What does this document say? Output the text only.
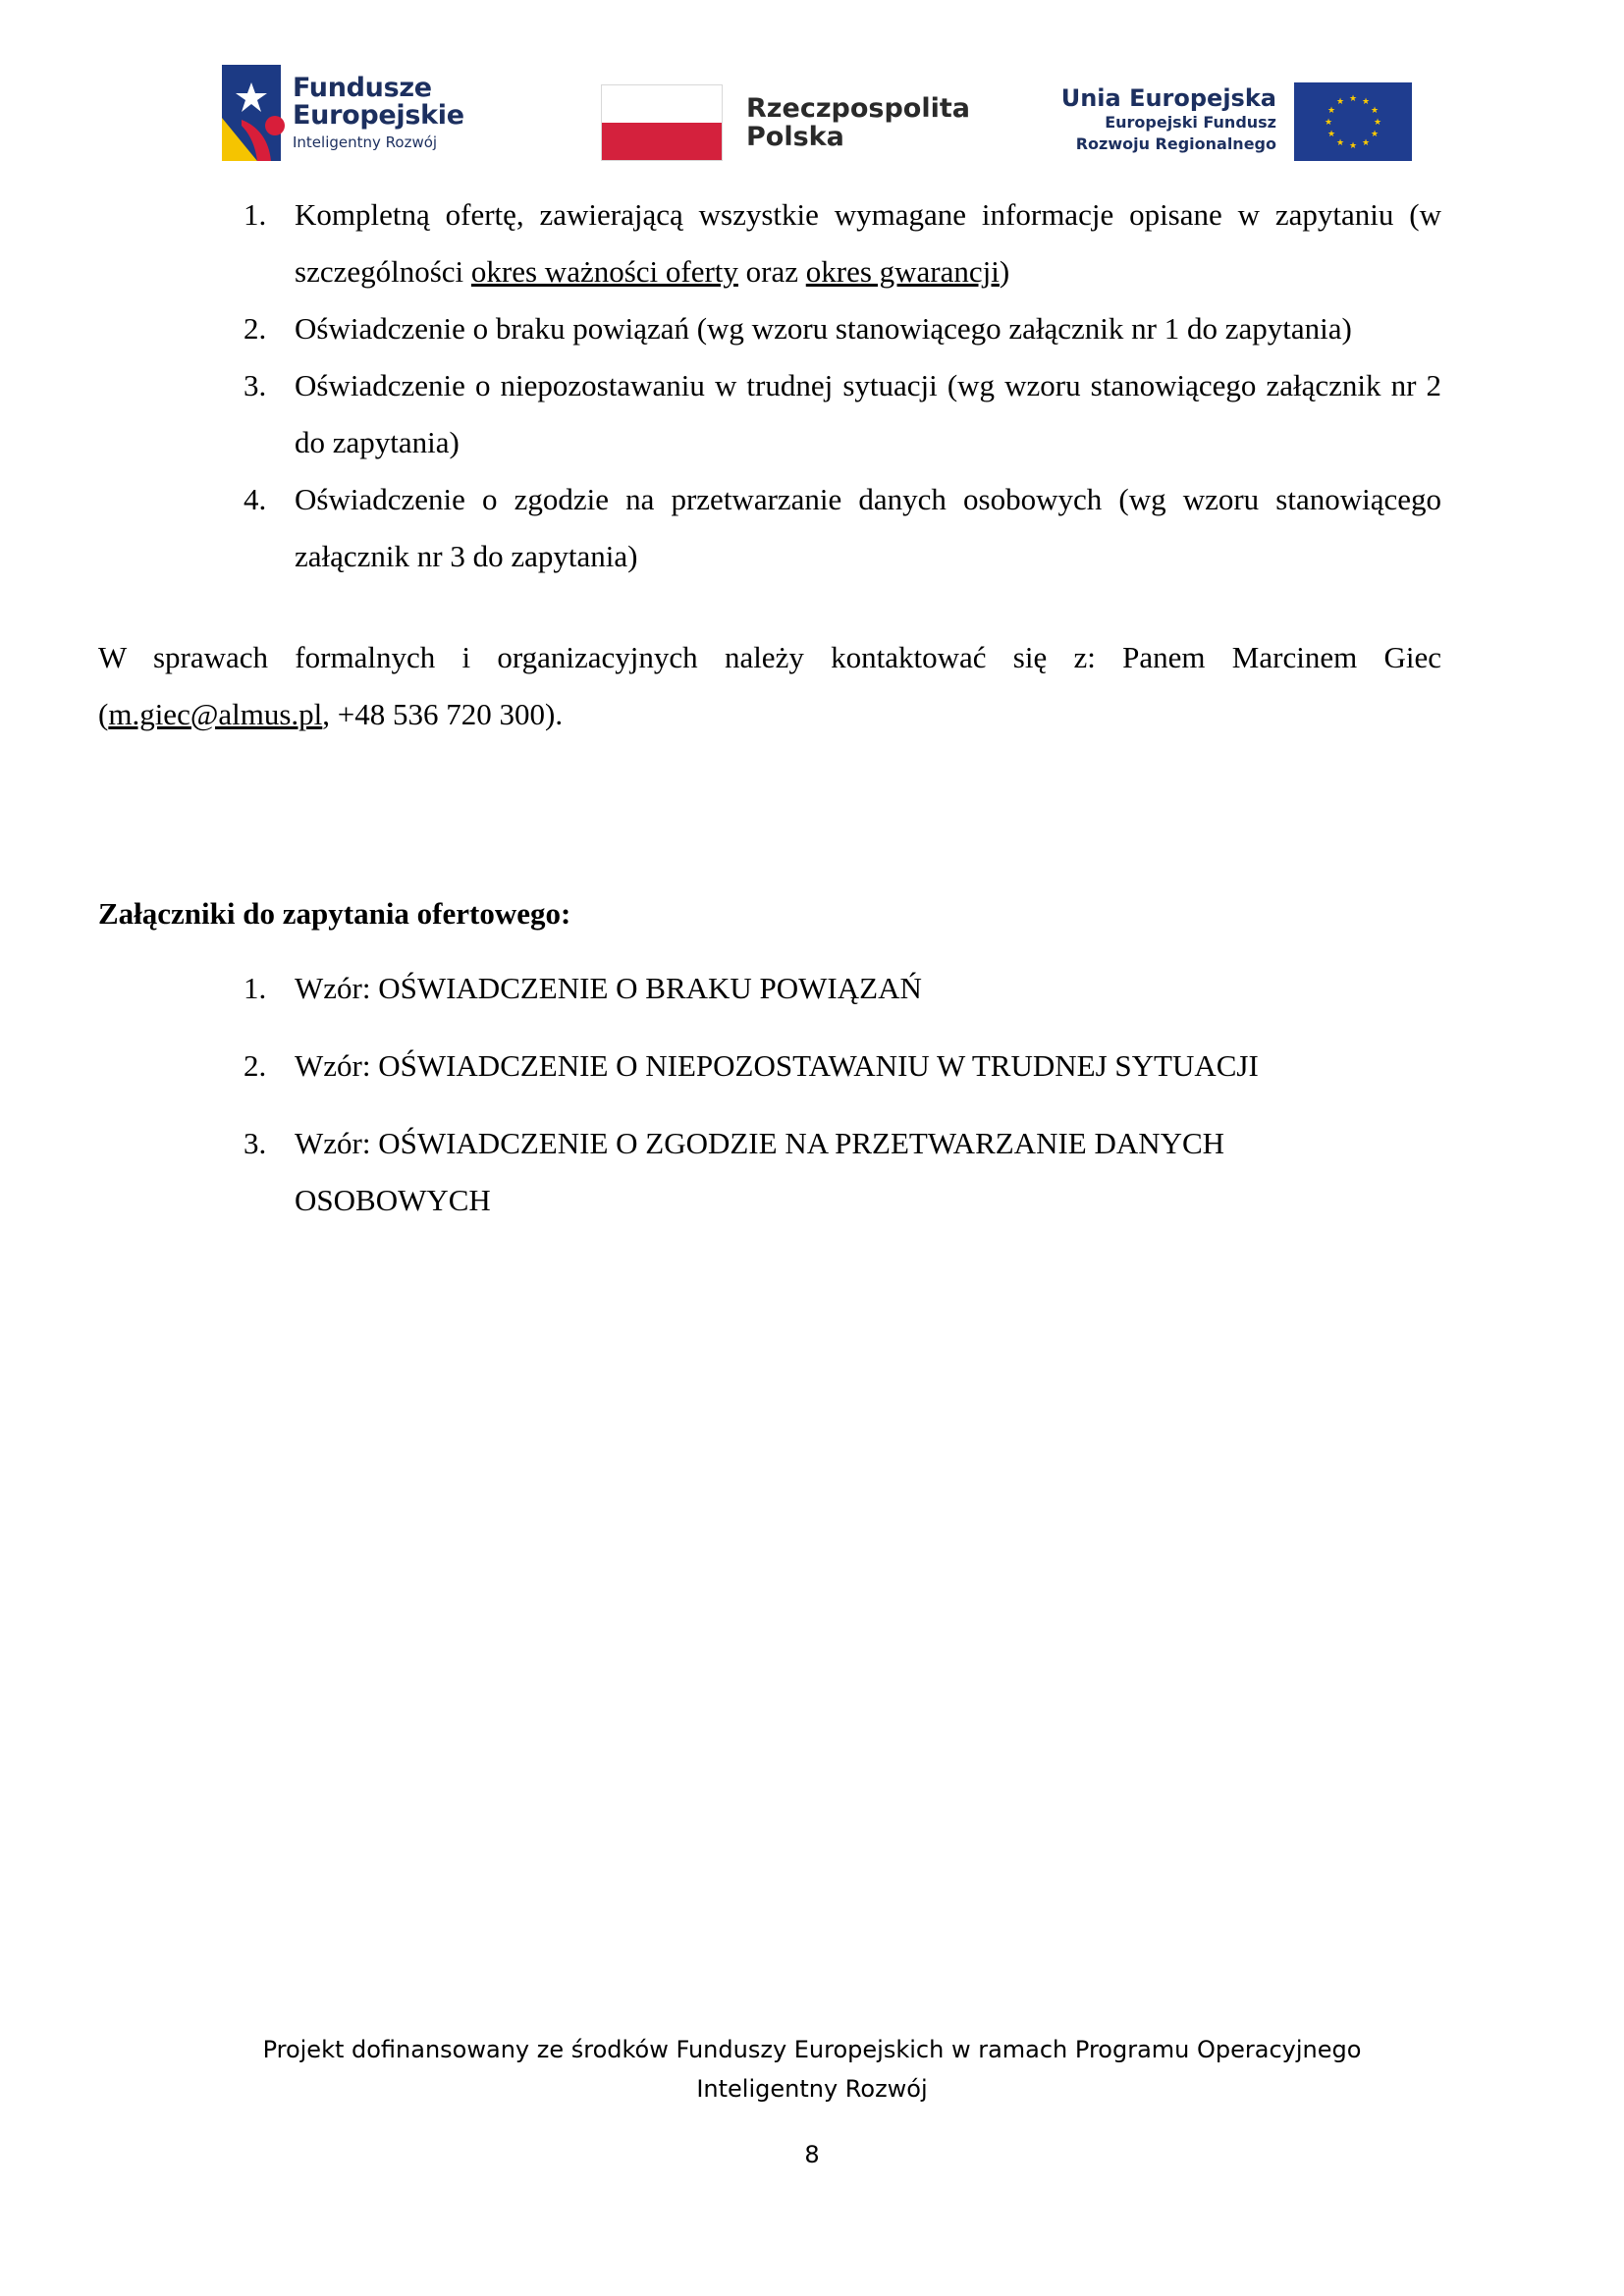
Fundusze
Europejskie
Inteligentny Rozwój
Rzeczpospolita
Polska
Unia Europejska
Europejski Fundusz
Rozwoju Regionalnego
★ ★
★
★
★
★
★
★
★
★
★
★
1. Kompletną ofertę, zawierającą wszystkie wymagane informacje opisane w zapytaniu (w szczególności okres ważności oferty oraz okres gwarancji)
2. Oświadczenie o braku powiązań (wg wzoru stanowiącego załącznik nr 1 do zapytania)
3. Oświadczenie o niepozostawaniu w trudnej sytuacji (wg wzoru stanowiącego załącznik nr 2 do zapytania)
4. Oświadczenie o zgodzie na przetwarzanie danych osobowych (wg wzoru stanowiącego załącznik nr 3 do zapytania)

W sprawach formalnych i organizacyjnych należy kontaktować się z: Panem Marcinem Giec (m.giec@almus.pl, +48 536 720 300).

Załączniki do zapytania ofertowego:
1. Wzór: OŚWIADCZENIE O BRAKU POWIĄZAŃ
2. Wzór: OŚWIADCZENIE O NIEPOZOSTAWANIU W TRUDNEJ SYTUACJI
3. Wzór: OŚWIADCZENIE O ZGODZIE NA PRZETWARZANIE DANYCH OSOBOWYCH
Projekt dofinansowany ze środków Funduszy Europejskich w ramach Programu Operacyjnego
Inteligentny Rozwój
8
